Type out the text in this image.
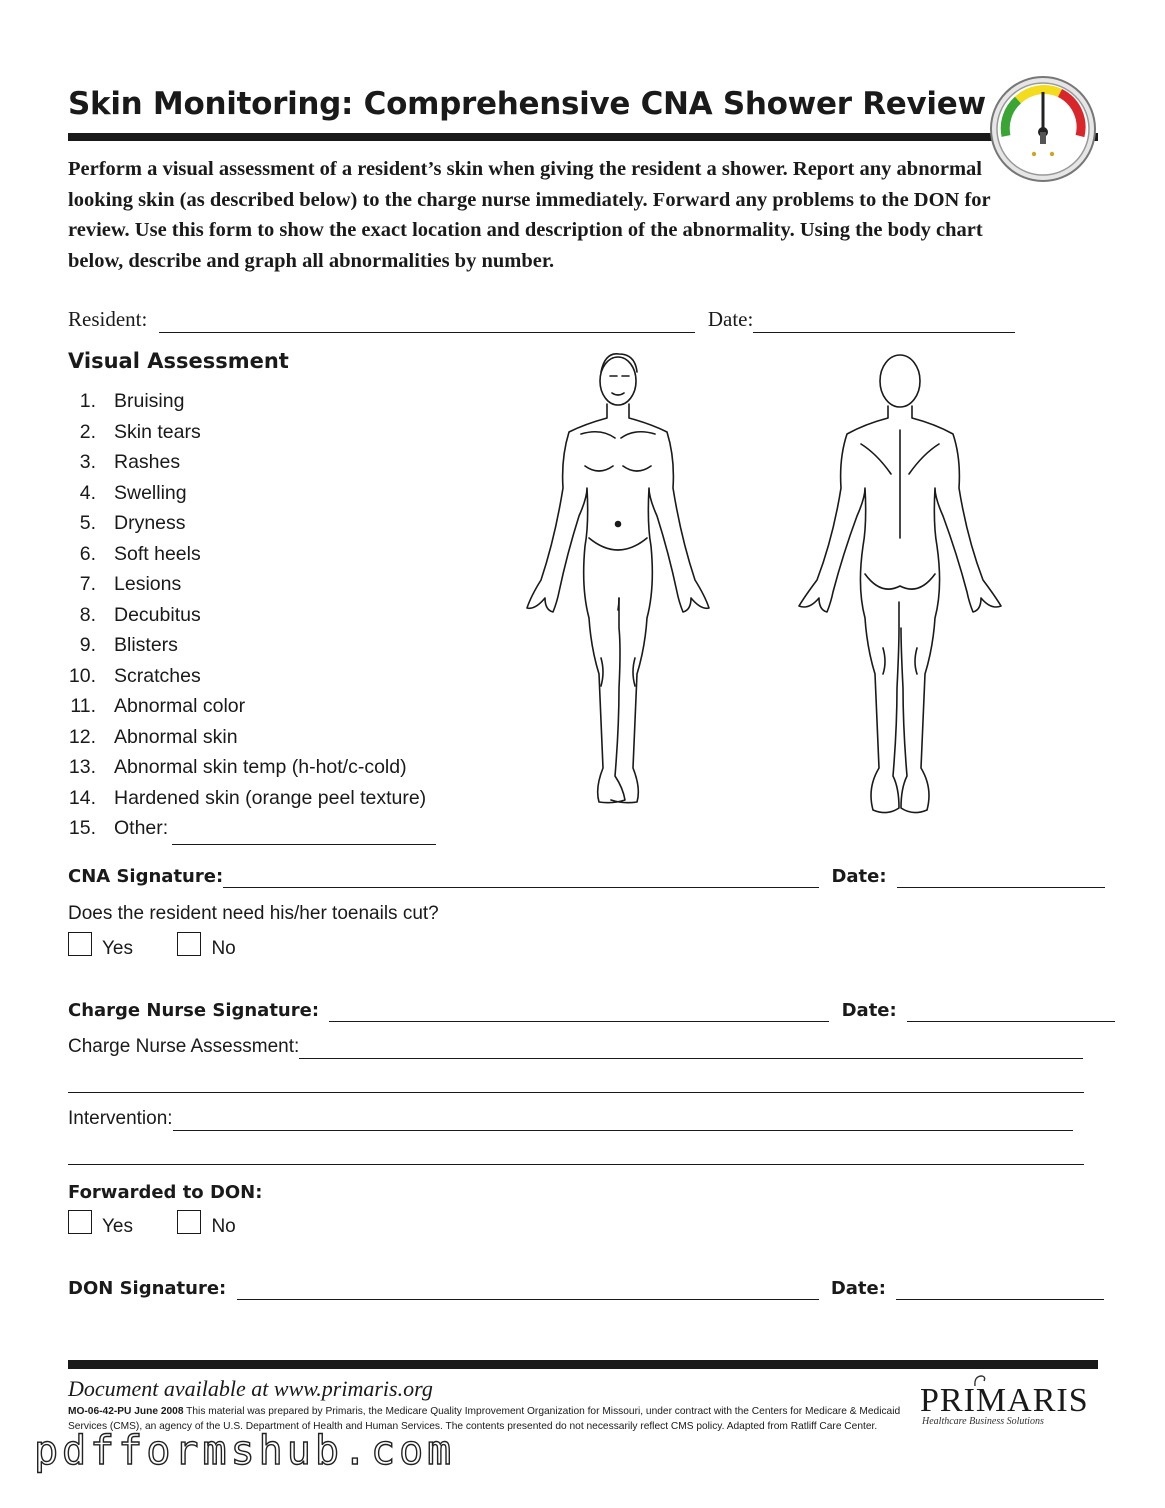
Skin Monitoring: Comprehensive CNA Shower Review
Perform a visual assessment of a resident’s skin when giving the resident a shower. Report any abnormal looking skin (as described below) to the charge nurse immediately. Forward any problems to the DON for review. Use this form to show the exact location and description of the abnormality. Using the body chart below, describe and graph all abnormalities by number.
Resident:	Date:
Visual Assessment
1. Bruising
2. Skin tears
3. Rashes
4. Swelling
5. Dryness
6. Soft heels
7. Lesions
8. Decubitus
9. Blisters
10. Scratches
11. Abnormal color
12. Abnormal skin
13. Abnormal skin temp (h-hot/c-cold)
14. Hardened skin (orange peel texture)
15. Other:
CNA Signature:	Date:
Does the resident need his/her toenails cut?
Yes	No
Charge Nurse Signature:	Date:
Charge Nurse Assessment:
Intervention:
Forwarded to DON:
Yes	No
DON Signature:	Date:
Document available at www.primaris.org
MO-06-42-PU June 2008 This material was prepared by Primaris, the Medicare Quality Improvement Organization for Missouri, under contract with the Centers for Medicare & Medicaid Services (CMS), an agency of the U.S. Department of Health and Human Services. The contents presented do not necessarily reflect CMS policy. Adapted from Ratliff Care Center.
PRIMARIS
Healthcare Business Solutions
pdfformshub.com
